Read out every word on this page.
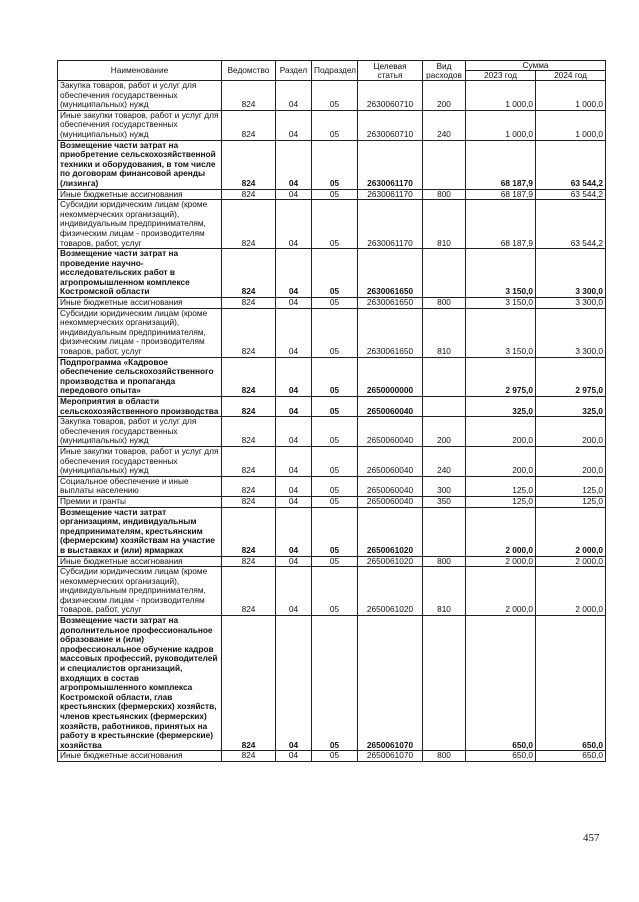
Наименование	Ведомство	Раздел	Подраздел	Целевая статья	Вид расходов	Сумма	
						2023 год	2024 год
Закупка товаров, работ и услуг для обеспечения государственных (муниципальных) нужд	824	04	05	2630060710	200	1 000,0	1 000,0
Иные закупки товаров, работ и услуг для обеспечения государственных (муниципальных) нужд	824	04	05	2630060710	240	1 000,0	1 000,0
Возмещение части затрат на приобретение сельскохозяйственной техники и оборудования, в том числе по договорам финансовой аренды (лизинга)	824	04	05	2630061170		68 187,9	63 544,2
Иные бюджетные ассигнования	824	04	05	2630061170	800	68 187,9	63 544,2
Субсидии юридическим лицам (кроме некоммерческих организаций), индивидуальным предпринимателям, физическим лицам - производителям товаров, работ, услуг	824	04	05	2630061170	810	68 187,9	63 544,2
Возмещение части затрат на проведение научно-исследовательских работ в агропромышленном комплексе Костромской области	824	04	05	2630061650		3 150,0	3 300,0
Иные бюджетные ассигнования	824	04	05	2630061650	800	3 150,0	3 300,0
Субсидии юридическим лицам (кроме некоммерческих организаций), индивидуальным предпринимателям, физическим лицам - производителям товаров, работ, услуг	824	04	05	2630061650	810	3 150,0	3 300,0
Подпрограмма «Кадровое обеспечение сельскохозяйственного производства и пропаганда передового опыта»	824	04	05	2650000000		2 975,0	2 975,0
Мероприятия в области сельскохозяйственного производства	824	04	05	2650060040		325,0	325,0
Закупка товаров, работ и услуг для обеспечения государственных (муниципальных) нужд	824	04	05	2650060040	200	200,0	200,0
Иные закупки товаров, работ и услуг для обеспечения государственных (муниципальных) нужд	824	04	05	2650060040	240	200,0	200,0
Социальное обеспечение и иные выплаты населению	824	04	05	2650060040	300	125,0	125,0
Премии и гранты	824	04	05	2650060040	350	125,0	125,0
Возмещение части затрат организациям, индивидуальным предпринимателям, крестьянским (фермерским) хозяйствам на участие в выставках и (или) ярмарках	824	04	05	2650061020		2 000,0	2 000,0
Иные бюджетные ассигнования	824	04	05	2650061020	800	2 000,0	2 000,0
Субсидии юридическим лицам (кроме некоммерческих организаций), индивидуальным предпринимателям, физическим лицам - производителям товаров, работ, услуг	824	04	05	2650061020	810	2 000,0	2 000,0
Возмещение части затрат на дополнительное профессиональное образование и (или) профессиональное обучение кадров массовых профессий, руководителей и специалистов организаций, входящих в состав агропромышленного комплекса Костромской области, глав крестьянских (фермерских) хозяйств, членов крестьянских (фермерских) хозяйств, работников, принятых на работу в крестьянские (фермерские) хозяйства	824	04	05	2650061070		650,0	650,0
Иные бюджетные ассигнования	824	04	05	2650061070	800	650,0	650,0
457
